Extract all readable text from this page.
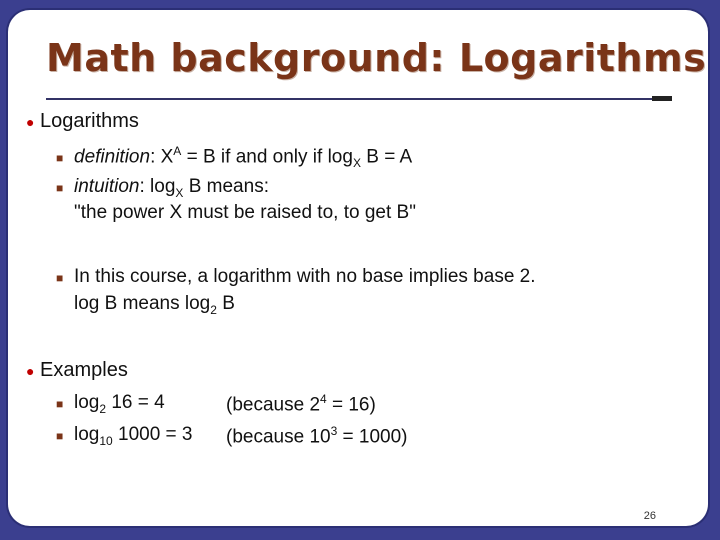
Math background: Logarithms
● Logarithms
■ definition: $X^A = B$ if and only if $\log_X B = A$
■ intuition: $\log_X B$ means:
"the power X must be raised to, to get B"
■ In this course, a logarithm with no base implies base 2.
log B means $\log_2 B$
● Examples
■ $\log_2 16 = 4$	(because $2^4 = 16$)
■ $\log_{10} 1000 = 3$ (because $10^3 = 1000$)
26
